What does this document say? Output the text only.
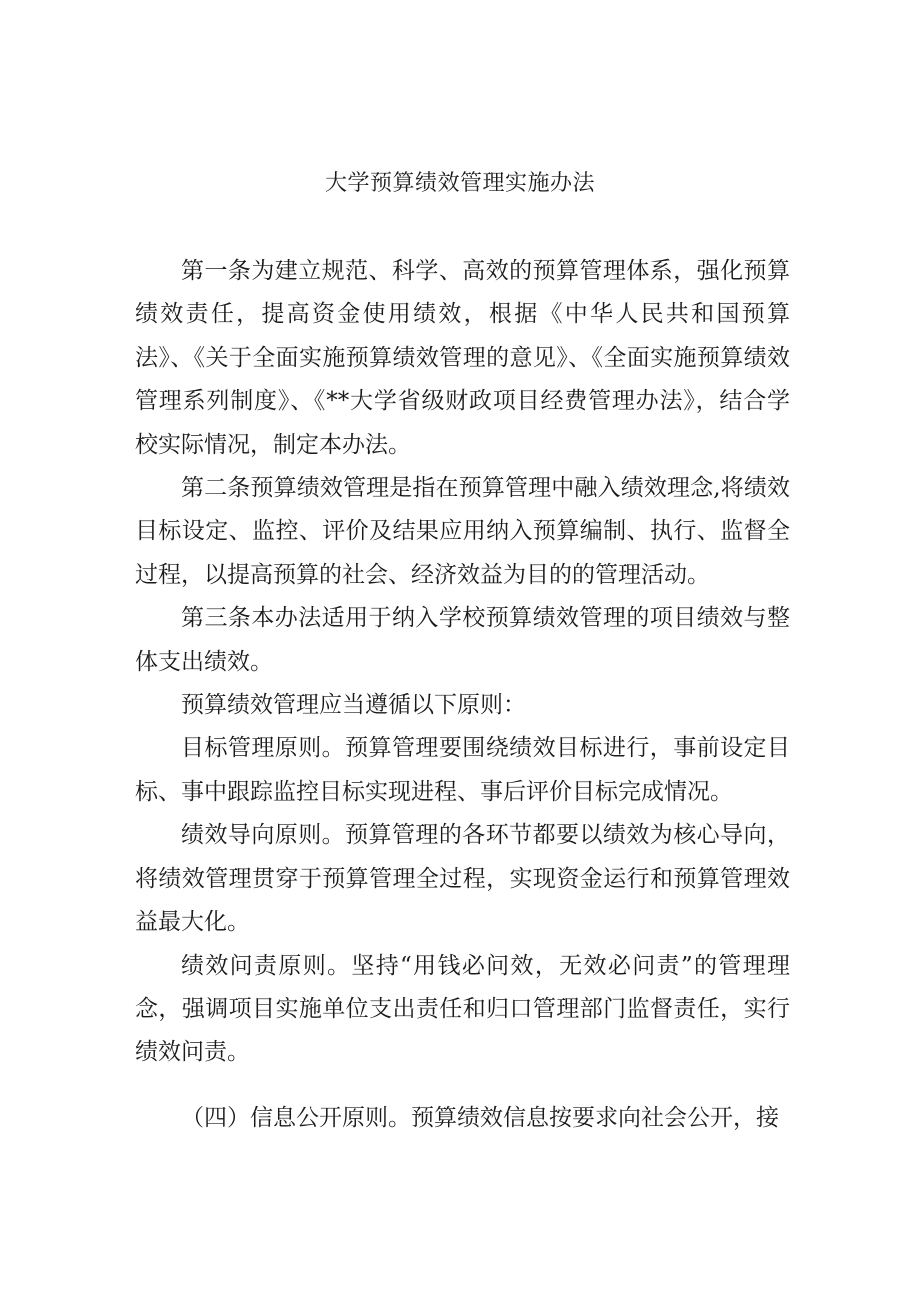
大学预算绩效管理实施办法

第一条为建立规范、科学、高效的预算管理体系，强化预算绩效责任，提高资金使用绩效，根据《中华人民共和国预算法》、《关于全面实施预算绩效管理的意见》、《全面实施预算绩效管理系列制度》、《**大学省级财政项目经费管理办法》，结合学校实际情况，制定本办法。

第二条预算绩效管理是指在预算管理中融入绩效理念,将绩效目标设定、监控、评价及结果应用纳入预算编制、执行、监督全过程，以提高预算的社会、经济效益为目的的管理活动。

第三条本办法适用于纳入学校预算绩效管理的项目绩效与整体支出绩效。

预算绩效管理应当遵循以下原则：

目标管理原则。预算管理要围绕绩效目标进行，事前设定目标、事中跟踪监控目标实现进程、事后评价目标完成情况。

绩效导向原则。预算管理的各环节都要以绩效为核心导向，将绩效管理贯穿于预算管理全过程，实现资金运行和预算管理效益最大化。

绩效问责原则。坚持“用钱必问效，无效必问责”的管理理念，强调项目实施单位支出责任和归口管理部门监督责任，实行绩效问责。

（四）信息公开原则。预算绩效信息按要求向社会公开，接
